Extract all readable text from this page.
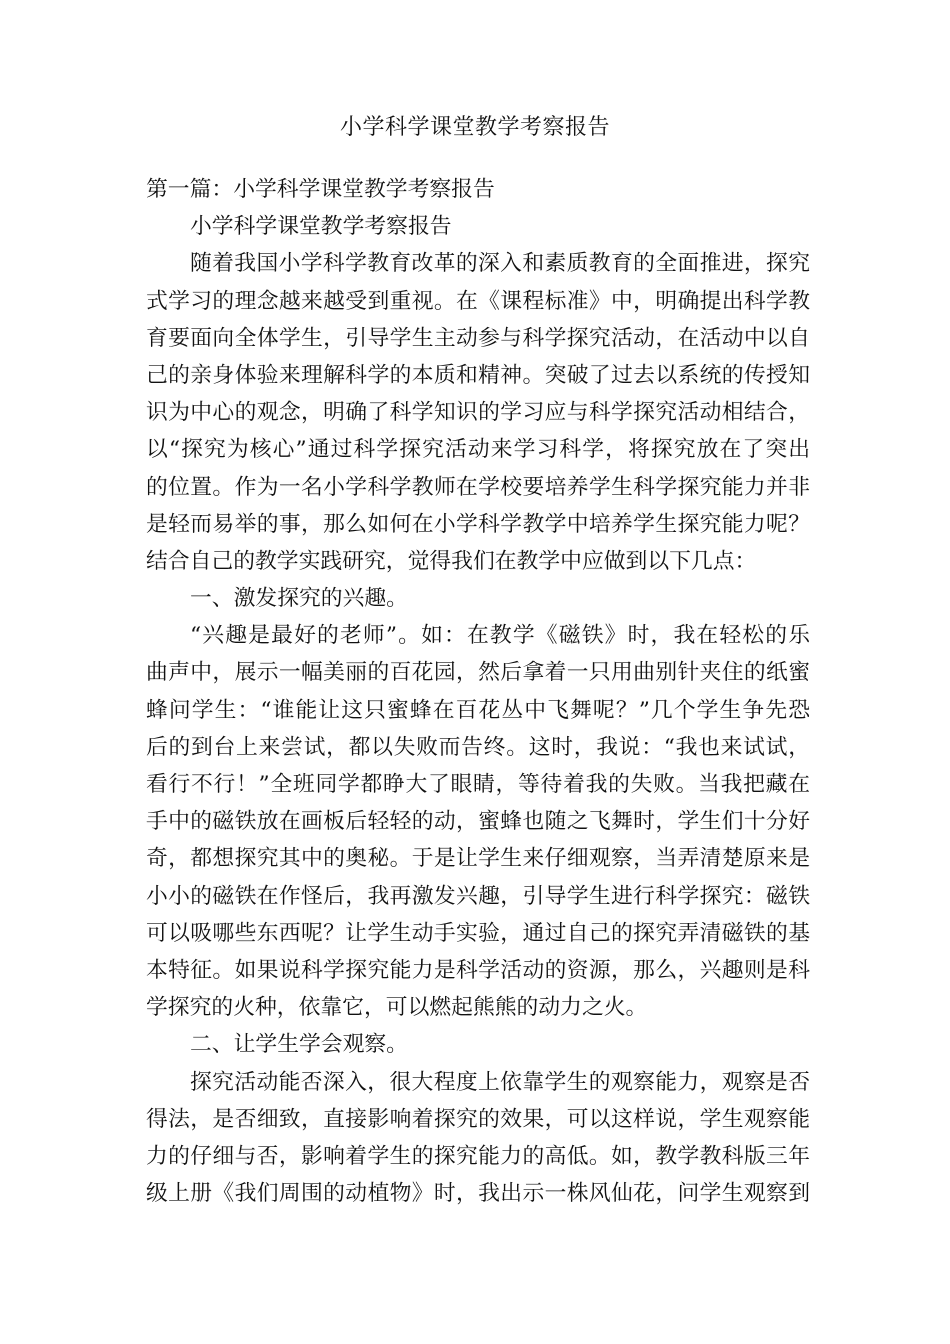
小学科学课堂教学考察报告
第一篇：小学科学课堂教学考察报告
小学科学课堂教学考察报告
随着我国小学科学教育改革的深入和素质教育的全面推进，探究
式学习的理念越来越受到重视。在《课程标准》中，明确提出科学教
育要面向全体学生，引导学生主动参与科学探究活动，在活动中以自
己的亲身体验来理解科学的本质和精神。突破了过去以系统的传授知
识为中心的观念，明确了科学知识的学习应与科学探究活动相结合，
以“探究为核心”通过科学探究活动来学习科学，将探究放在了突出
的位置。作为一名小学科学教师在学校要培养学生科学探究能力并非
是轻而易举的事，那么如何在小学科学教学中培养学生探究能力呢？
结合自己的教学实践研究，觉得我们在教学中应做到以下几点：
一、激发探究的兴趣。
“兴趣是最好的老师”。如：在教学《磁铁》时，我在轻松的乐
曲声中，展示一幅美丽的百花园，然后拿着一只用曲别针夹住的纸蜜
蜂问学生：“谁能让这只蜜蜂在百花丛中飞舞呢？”几个学生争先恐
后的到台上来尝试，都以失败而告终。这时，我说：“我也来试试，
看行不行！”全班同学都睁大了眼睛，等待着我的失败。当我把藏在
手中的磁铁放在画板后轻轻的动，蜜蜂也随之飞舞时，学生们十分好
奇，都想探究其中的奥秘。于是让学生来仔细观察，当弄清楚原来是
小小的磁铁在作怪后，我再激发兴趣，引导学生进行科学探究：磁铁
可以吸哪些东西呢？让学生动手实验，通过自己的探究弄清磁铁的基
本特征。如果说科学探究能力是科学活动的资源，那么，兴趣则是科
学探究的火种，依靠它，可以燃起熊熊的动力之火。
二、让学生学会观察。
探究活动能否深入，很大程度上依靠学生的观察能力，观察是否
得法，是否细致，直接影响着探究的效果，可以这样说，学生观察能
力的仔细与否，影响着学生的探究能力的高低。如，教学教科版三年
级上册《我们周围的动植物》时，我出示一株风仙花，问学生观察到
